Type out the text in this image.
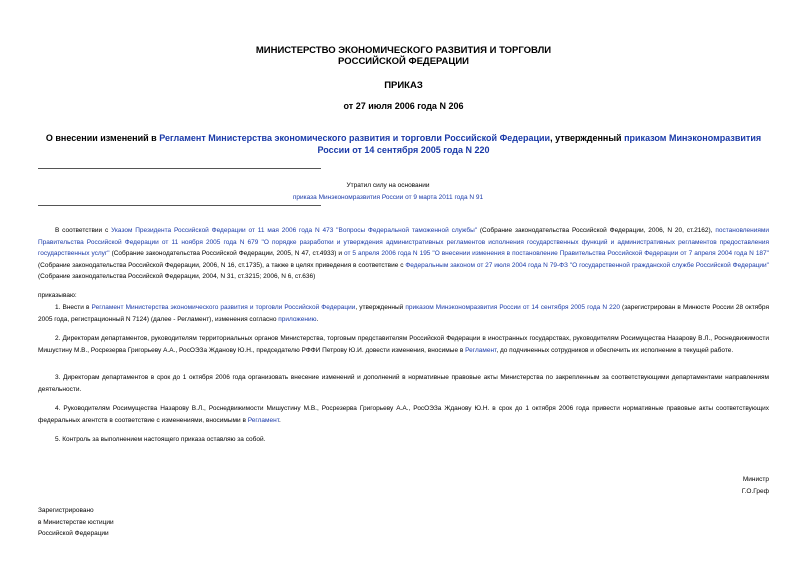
МИНИСТЕРСТВО ЭКОНОМИЧЕСКОГО РАЗВИТИЯ И ТОРГОВЛИ
РОССИЙСКОЙ ФЕДЕРАЦИИ
ПРИКАЗ
от 27 июля 2006 года N 206
О внесении изменений в Регламент Министерства экономического развития и торговли Российской Федерации, утвержденный приказом Минэкономразвития России от 14 сентября 2005 года N 220
Утратил силу на основании
приказа Минэкономразвития России от 9 марта 2011 года N 91

В соответствии с Указом Президента Российской Федерации от 11 мая 2006 года N 473 "Вопросы Федеральной таможенной службы" (Собрание законодательства Российской Федерации, 2006, N 20, ст.2162), постановлениями Правительства Российской Федерации от 11 ноября 2005 года N 679 "О порядке разработки и утверждения административных регламентов исполнения государственных функций и административных регламентов предоставления государственных услуг" (Собрание законодательства Российской Федерации, 2005, N 47, ст.4933) и от 5 апреля 2006 года N 195 "О внесении изменения в постановление Правительства Российской Федерации от 7 апреля 2004 года N 187" (Собрание законодательства Российской Федерации, 2006, N 16, ст.1735), а также в целях приведения в соответствие с Федеральным законом от 27 июля 2004 года N 79-ФЗ "О государственной гражданской службе Российской Федерации" (Собрание законодательства Российской Федерации, 2004, N 31, ст.3215; 2006, N 6, ст.636)

приказываю:

1. Внести в Регламент Министерства экономического развития и торговли Российской Федерации, утвержденный приказом Минэкономразвития России от 14 сентября 2005 года N 220 (зарегистрирован в Минюсте России 28 октября 2005 года, регистрационный N 7124) (далее - Регламент), изменения согласно приложению.

2. Директорам департаментов, руководителям территориальных органов Министерства, торговым представителям Российской Федерации в иностранных государствах, руководителям Росимущества Назарову В.Л., Роснедвижимости Мишустину М.В., Росрезерва Григорьеву А.А., РосОЭЗа Жданову Ю.Н., председателю РФФИ Петрову Ю.И. довести изменения, вносимые в Регламент, до подчиненных сотрудников и обеспечить их исполнение в текущей работе.

3. Директорам департаментов в срок до 1 октября 2006 года организовать внесение изменений и дополнений в нормативные правовые акты Министерства по закрепленным за соответствующими департаментами направлениям деятельности.

4. Руководителям Росимущества Назарову В.Л., Роснедвижимости Мишустину М.В., Росрезерва Григорьеву А.А., РосОЭЗа Жданову Ю.Н. в срок до 1 октября 2006 года привести нормативные правовые акты соответствующих федеральных агентств в соответствие с изменениями, вносимыми в Регламент.

5. Контроль за выполнением настоящего приказа оставляю за собой.

Министр
Г.О.Греф
Зарегистрировано
в Министерстве юстиции
Российской Федерации
